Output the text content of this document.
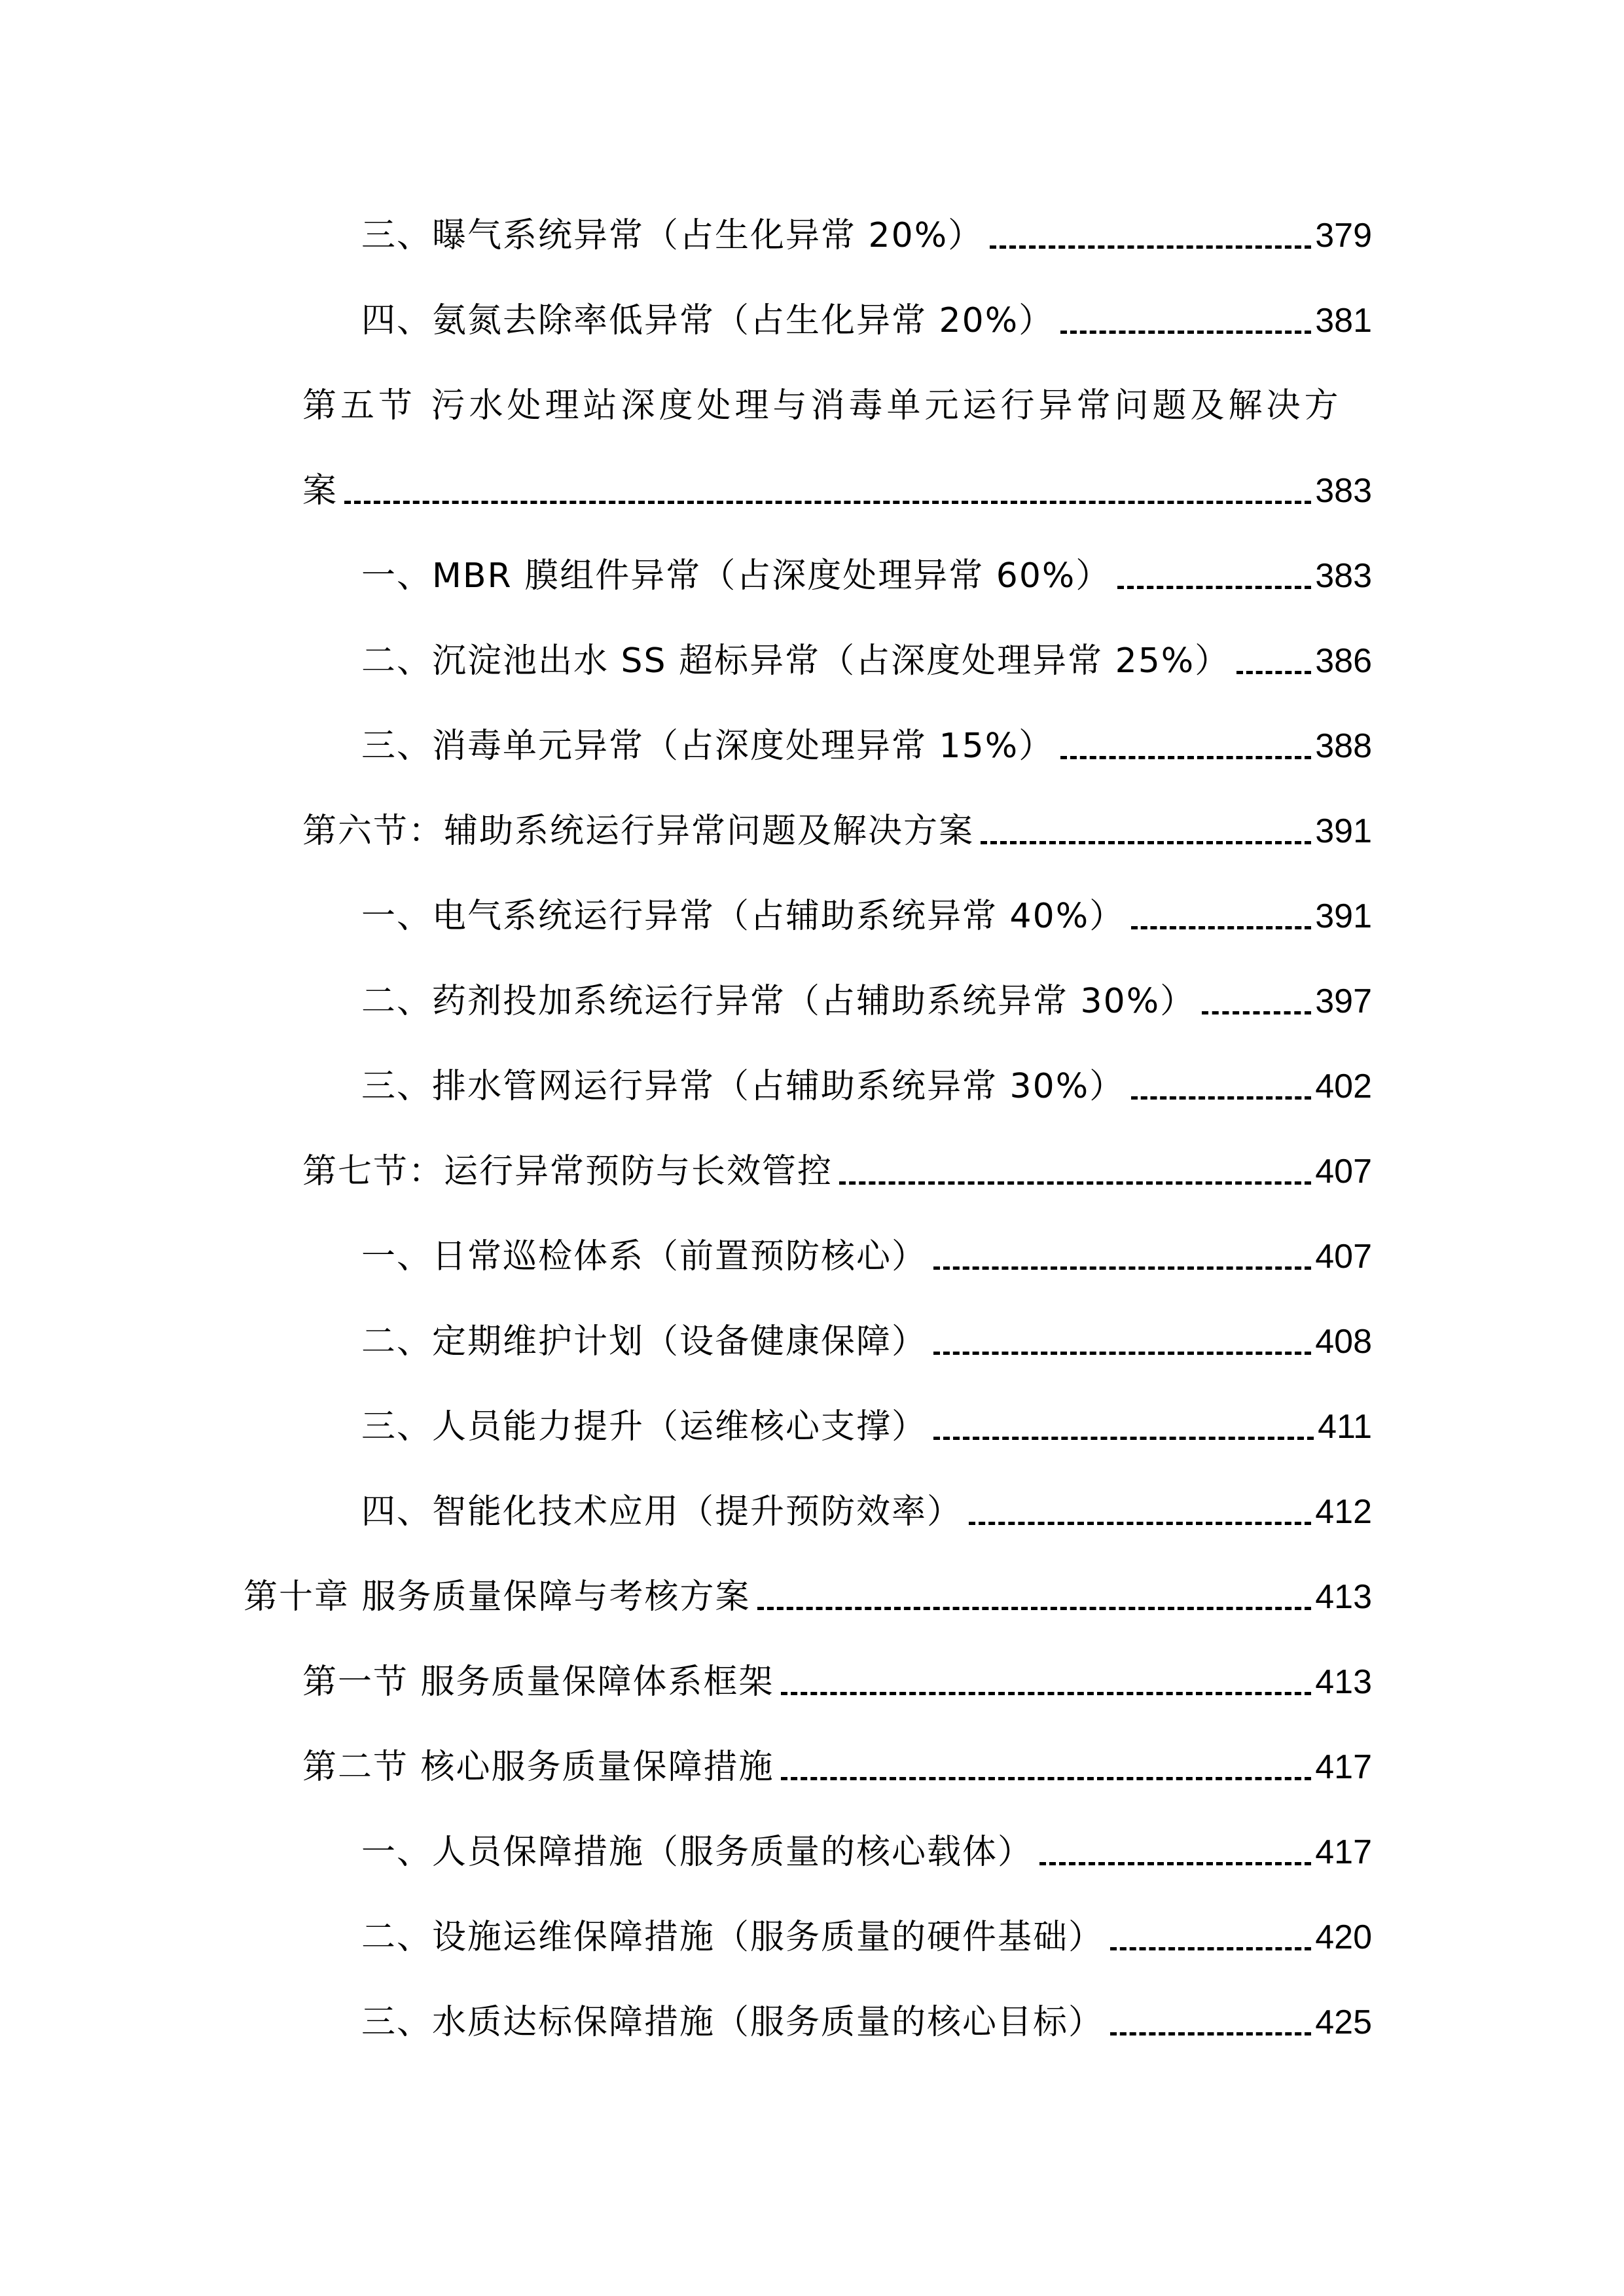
三、曝气系统异常（占生化异常 20%）	379
四、氨氮去除率低异常（占生化异常 20%）	381
第五节 污水处理站深度处理与消毒单元运行异常问题及解决方
案	383
一、MBR 膜组件异常（占深度处理异常 60%）	383
二、沉淀池出水 SS 超标异常（占深度处理异常 25%）	386
三、消毒单元异常（占深度处理异常 15%）	388
第六节：辅助系统运行异常问题及解决方案	391
一、电气系统运行异常（占辅助系统异常 40%）	391
二、药剂投加系统运行异常（占辅助系统异常 30%）	397
三、排水管网运行异常（占辅助系统异常 30%）	402
第七节：运行异常预防与长效管控	407
一、日常巡检体系（前置预防核心）	407
二、定期维护计划（设备健康保障）	408
三、人员能力提升（运维核心支撑）	411
四、智能化技术应用（提升预防效率）	412
第十章 服务质量保障与考核方案	413
第一节 服务质量保障体系框架	413
第二节 核心服务质量保障措施	417
一、人员保障措施（服务质量的核心载体）	417
二、设施运维保障措施（服务质量的硬件基础）	420
三、水质达标保障措施（服务质量的核心目标）	425
